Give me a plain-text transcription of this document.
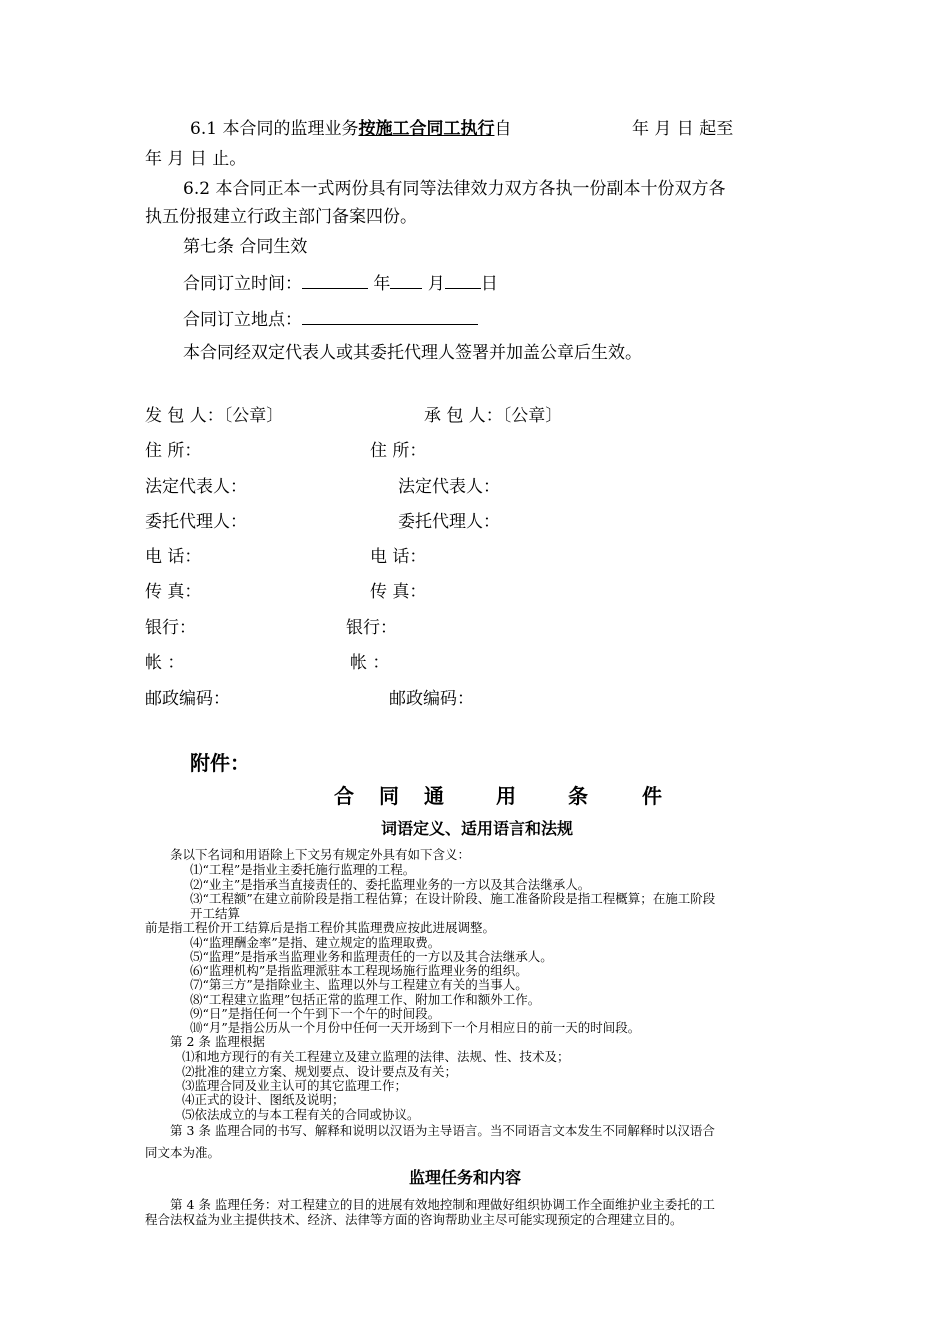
6.1 本合同的监理业务按施工合同工执行自	年 月 日 起至
年 月 日 止。
6.2 本合同正本一式两份具有同等法律效力双方各执一份副本十份双方各
执五份报建立行政主部门备案四份。
第七条 合同生效
合同订立时间：	年 月 日
合同订立地点：
本合同经双定代表人或其委托代理人签署并加盖公章后生效。
发 包 人：〔公章〕	承 包 人：〔公章〕
住 所：	住 所：
法定代表人：	法定代表人：
委托代理人：	委托代理人：
电 话：	电 话：
传 真：	传 真：
银行：	银行：
帐 ：	帐 ：
邮政编码：	邮政编码：
附件：
合 同 通	用	条	件
词语定义、适用语言和法规
条以下名词和用语除上下文另有规定外具有如下含义：
⑴“工程”是指业主委托施行监理的工程。
⑵“业主”是指承当直接责任的、委托监理业务的一方以及其合法继承人。
⑶“工程额”在建立前阶段是指工程估算；在设计阶段、施工准备阶段是指工程概算；在施工阶段
开工结算
前是指工程价开工结算后是指工程价其监理费应按此进展调整。
⑷“监理酬金率”是指、建立规定的监理取费。
⑸“监理”是指承当监理业务和监理责任的一方以及其合法继承人。
⑹“监理机构”是指监理派驻本工程现场施行监理业务的组织。
⑺“第三方”是指除业主、监理以外与工程建立有关的当事人。
⑻“工程建立监理”包括正常的监理工作、附加工作和额外工作。
⑼“日”是指任何一个午到下一个午的时间段。
⑽“月”是指公历从一个月份中任何一天开场到下一个月相应日的前一天的时间段。
第 2 条 监理根据
⑴和地方现行的有关工程建立及建立监理的法律、法规、性、技术及；
⑵批准的建立方案、规划要点、设计要点及有关；
⑶监理合同及业主认可的其它监理工作；
⑷正式的设计、图纸及说明；
⑸依法成立的与本工程有关的合同或协议。
第 3 条 监理合同的书写、解释和说明以汉语为主导语言。当不同语言文本发生不同解释时以汉语合
同文本为准。
监理任务和内容
第 4 条 监理任务：对工程建立的目的进展有效地控制和理做好组织协调工作全面维护业主委托的工
程合法权益为业主提供技术、经济、法律等方面的咨询帮助业主尽可能实现预定的合理建立目的。
